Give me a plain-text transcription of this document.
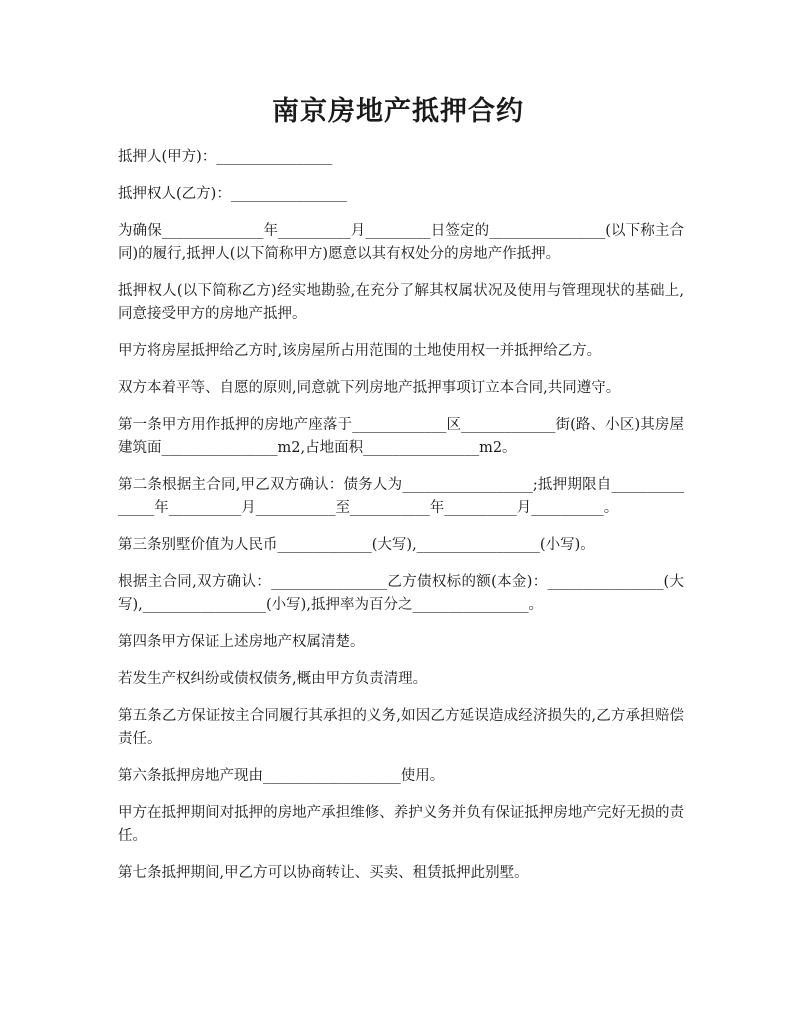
南京房地产抵押合约

抵押人(甲方)：________________

抵押权人(乙方)：________________

为确保______________年__________月_________日签定的________________(以下称主合同)的履行,抵押人(以下简称甲方)愿意以其有权处分的房地产作抵押。

抵押权人(以下简称乙方)经实地勘验,在充分了解其权属状况及使用与管理现状的基础上,同意接受甲方的房地产抵押。

甲方将房屋抵押给乙方时,该房屋所占用范围的土地使用权一并抵押给乙方。

双方本着平等、自愿的原则,同意就下列房地产抵押事项订立本合同,共同遵守。

第一条甲方用作抵押的房地产座落于_____________区_____________街(路、小区)其房屋建筑面________________m2,占地面积________________m2。

第二条根据主合同,甲乙双方确认：债务人为__________________;抵押期限自_______________年__________月___________至___________年__________月__________。

第三条别墅价值为人民币_____________(大写),_________________(小写)。

根据主合同,双方确认：________________乙方债权标的额(本金)：________________(大写),_________________(小写),抵押率为百分之________________。

第四条甲方保证上述房地产权属清楚。

若发生产权纠纷或债权债务,概由甲方负责清理。

第五条乙方保证按主合同履行其承担的义务,如因乙方延误造成经济损失的,乙方承担赔偿责任。

第六条抵押房地产现由___________________使用。

甲方在抵押期间对抵押的房地产承担维修、养护义务并负有保证抵押房地产完好无损的责任。

第七条抵押期间,甲乙方可以协商转让、买卖、租赁抵押此别墅。
